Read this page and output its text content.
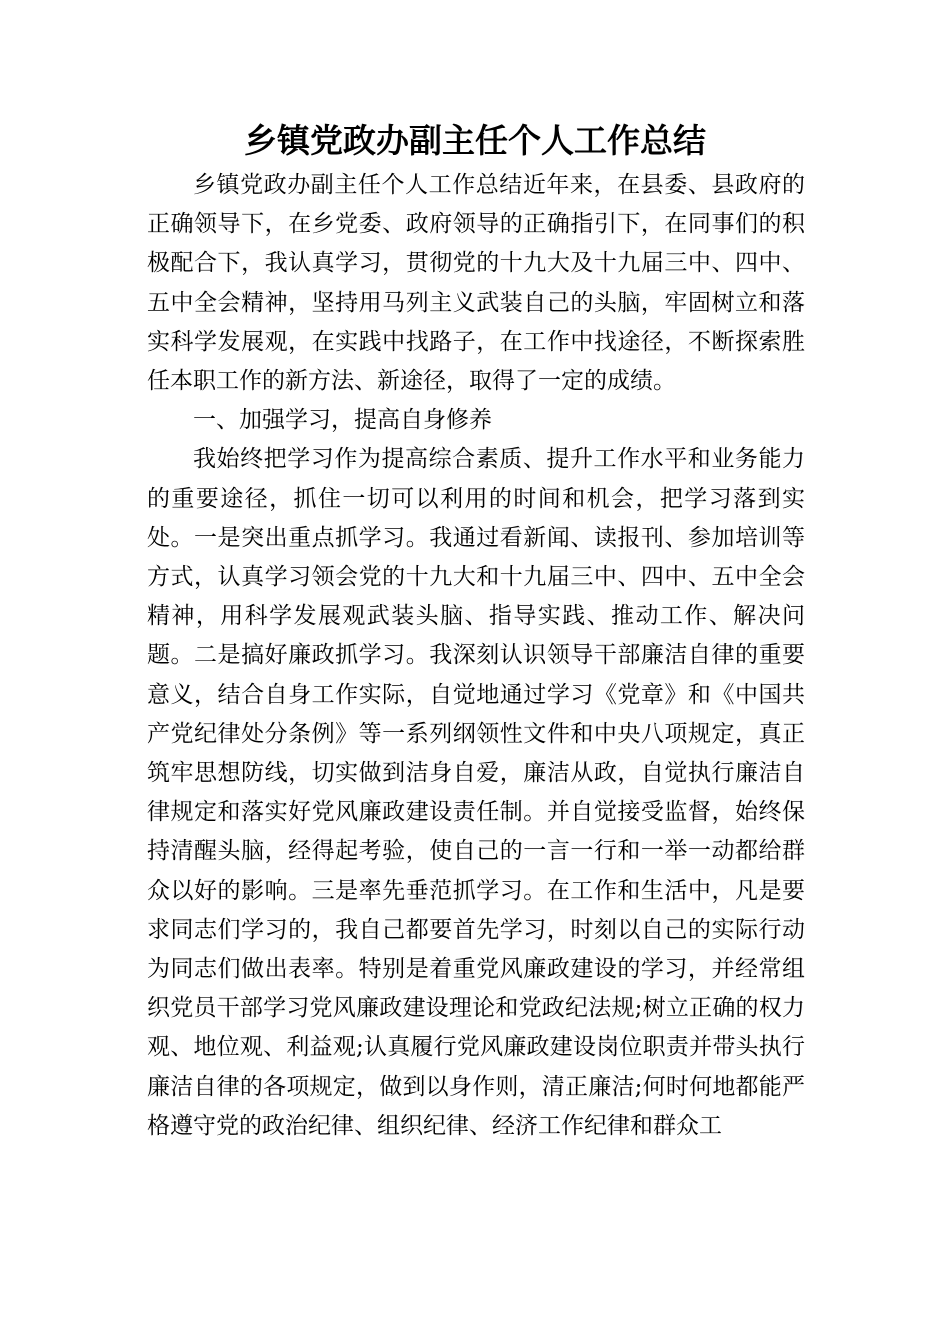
乡镇党政办副主任个人工作总结

乡镇党政办副主任个人工作总结近年来，在县委、县政府的正确领导下，在乡党委、政府领导的正确指引下，在同事们的积极配合下，我认真学习，贯彻党的十九大及十九届三中、四中、五中全会精神，坚持用马列主义武装自己的头脑，牢固树立和落实科学发展观，在实践中找路子，在工作中找途径，不断探索胜任本职工作的新方法、新途径，取得了一定的成绩。

一、加强学习，提高自身修养

我始终把学习作为提高综合素质、提升工作水平和业务能力的重要途径，抓住一切可以利用的时间和机会，把学习落到实处。一是突出重点抓学习。我通过看新闻、读报刊、参加培训等方式，认真学习领会党的十九大和十九届三中、四中、五中全会精神，用科学发展观武装头脑、指导实践、推动工作、解决问题。二是搞好廉政抓学习。我深刻认识领导干部廉洁自律的重要意义，结合自身工作实际，自觉地通过学习《党章》和《中国共产党纪律处分条例》等一系列纲领性文件和中央八项规定，真正筑牢思想防线，切实做到洁身自爱，廉洁从政，自觉执行廉洁自律规定和落实好党风廉政建设责任制。并自觉接受监督，始终保持清醒头脑，经得起考验，使自己的一言一行和一举一动都给群众以好的影响。三是率先垂范抓学习。在工作和生活中，凡是要求同志们学习的，我自己都要首先学习，时刻以自己的实际行动为同志们做出表率。特别是着重党风廉政建设的学习，并经常组织党员干部学习党风廉政建设理论和党政纪法规;树立正确的权力观、地位观、利益观;认真履行党风廉政建设岗位职责并带头执行廉洁自律的各项规定，做到以身作则，清正廉洁;何时何地都能严格遵守党的政治纪律、组织纪律、经济工作纪律和群众工
